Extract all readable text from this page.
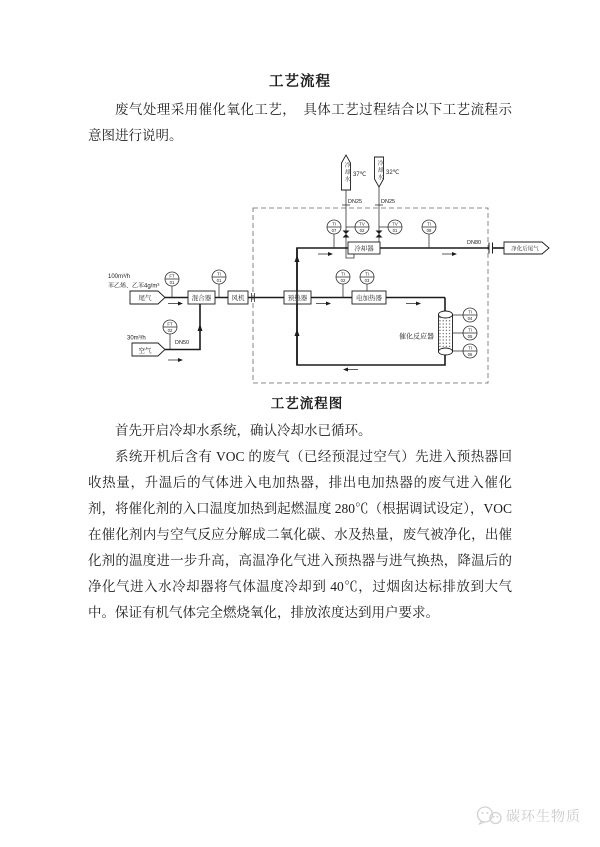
工艺流程
废气处理采用催化氧化工艺，　具体工艺过程结合以下工艺流程示意图进行说明。
37℃	32℃
DN25	DN25
混合器	风机	预热器	电加热器
冷却器
催化反应器
FT
01
TI
01
FT
02
TI
02
TI
03
TI
04
TI
05
TI
06
TI
07
TV
02
TV
01
TI
08
尾气
100m³/h
苯乙烯、乙苯4g/m³
空气
30m³/h
DN50
净化后尾气
DN80
冷却水	冷却水
工艺流程图
首先开启冷却水系统，确认冷却水已循环。
系统开机后含有 VOC 的废气（已经预混过空气）先进入预热器回收热量，升温后的气体进入电加热器，排出电加热器的废气进入催化剂，将催化剂的入口温度加热到起燃温度 280℃（根据调试设定），VOC 在催化剂内与空气反应分解成二氧化碳、水及热量，废气被净化，出催化剂的温度进一步升高，高温净化气进入预热器与进气换热，降温后的净化气进入水冷却器将气体温度冷却到 40℃，过烟囱达标排放到大气中。保证有机气体完全燃烧氧化，排放浓度达到用户要求。
碳环生物质
